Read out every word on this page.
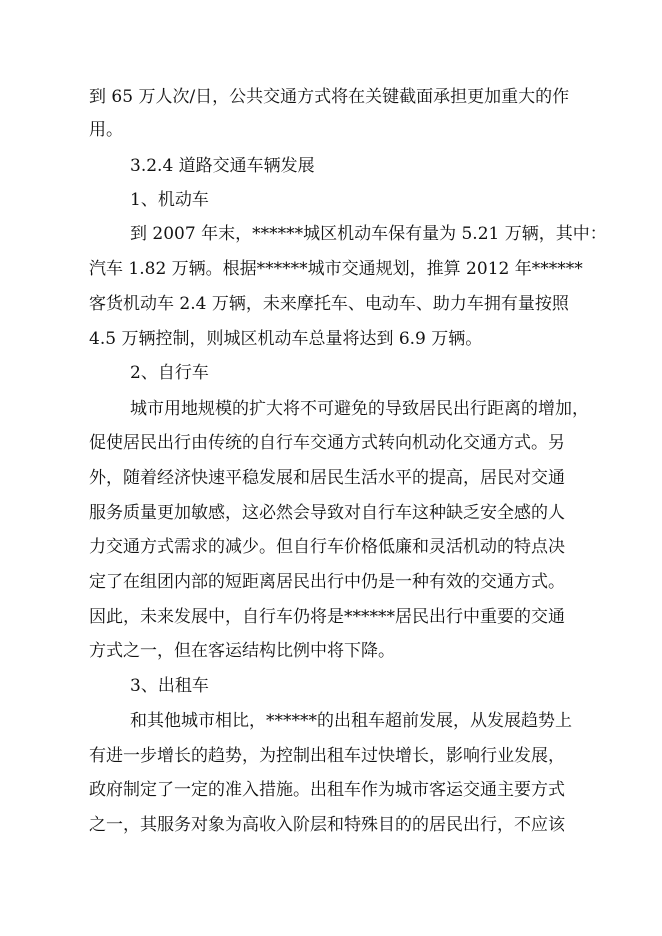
到 65 万人次/日，公共交通方式将在关键截面承担更加重大的作
用。
3.2.4 道路交通车辆发展
1、机动车
到 2007 年末，******城区机动车保有量为 5.21 万辆，其中：
汽车 1.82 万辆。根据******城市交通规划，推算 2012 年******
客货机动车 2.4 万辆，未来摩托车、电动车、助力车拥有量按照
4.5 万辆控制，则城区机动车总量将达到 6.9 万辆。
2、自行车
城市用地规模的扩大将不可避免的导致居民出行距离的增加，
促使居民出行由传统的自行车交通方式转向机动化交通方式。另
外，随着经济快速平稳发展和居民生活水平的提高，居民对交通
服务质量更加敏感，这必然会导致对自行车这种缺乏安全感的人
力交通方式需求的减少。但自行车价格低廉和灵活机动的特点决
定了在组团内部的短距离居民出行中仍是一种有效的交通方式。
因此，未来发展中，自行车仍将是******居民出行中重要的交通
方式之一，但在客运结构比例中将下降。
3、出租车
和其他城市相比，******的出租车超前发展，从发展趋势上
有进一步增长的趋势，为控制出租车过快增长，影响行业发展，
政府制定了一定的准入措施。出租车作为城市客运交通主要方式
之一，其服务对象为高收入阶层和特殊目的的居民出行，不应该
